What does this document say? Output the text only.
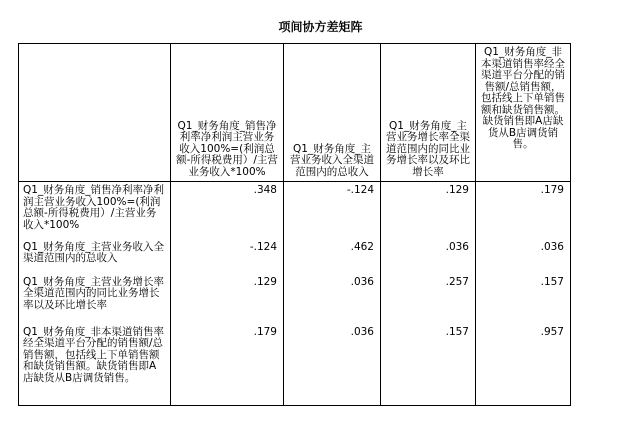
项间协方差矩阵
	Q1_财务角度_销售净利率净利润主营业务收入100%=(利润总额-所得税费用）/主营业务收入*100%	Q1_财务角度_主营业务收入全渠道范围内的总收入	Q1_财务角度_主营业务增长率全渠道范围内的同比业务增长率以及环比增长率	Q1_财务角度_非本渠道销售率经全渠道平台分配的销售额/总销售额，包括线上下单销售额和缺货销售额。缺货销售即A店缺货从B店调货销售。
Q1_财务角度_销售净利率净利润主营业务收入100%=(利润总额-所得税费用）/主营业务收入*100%	.348	-.124	.129	.179
Q1_财务角度_主营业务收入全渠道范围内的总收入	-.124	.462	.036	.036
Q1_财务角度_主营业务增长率全渠道范围内的同比业务增长率以及环比增长率	.129	.036	.257	.157
Q1_财务角度_非本渠道销售率经全渠道平台分配的销售额/总销售额，包括线上下单销售额和缺货销售额。缺货销售即A店缺货从B店调货销售。	.179	.036	.157	.957
